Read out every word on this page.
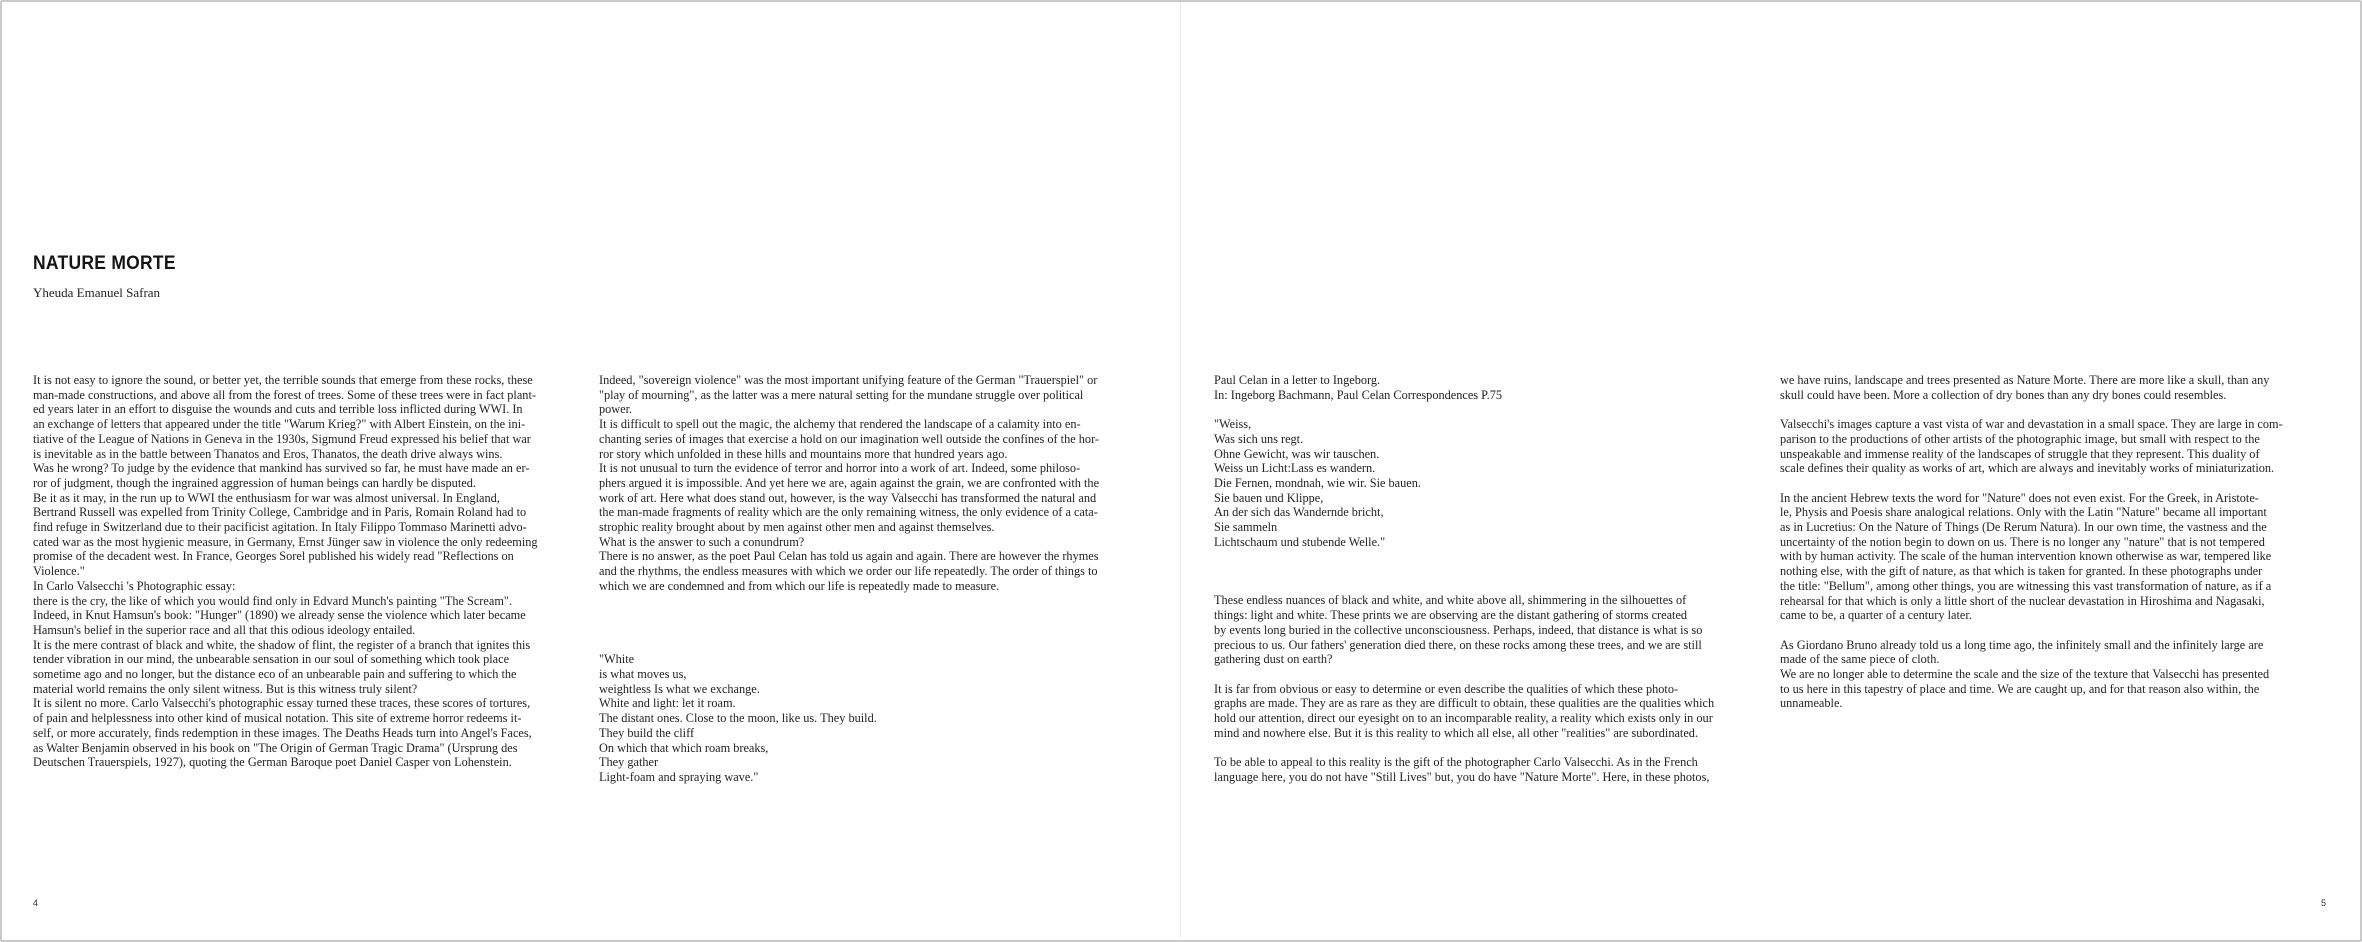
NATURE MORTE
Yheuda Emanuel Safran

It is not easy to ignore the sound, or better yet, the terrible sounds that emerge from these rocks, these

man-made constructions, and above all from the forest of trees. Some of these trees were in fact plant-

ed years later in an effort to disguise the wounds and cuts and terrible loss inflicted during WWI. In

an exchange of letters that appeared under the title "Warum Krieg?" with Albert Einstein, on the ini-

tiative of the League of Nations in Geneva in the 1930s, Sigmund Freud expressed his belief that war

is inevitable as in the battle between Thanatos and Eros, Thanatos, the death drive always wins.

Was he wrong? To judge by the evidence that mankind has survived so far, he must have made an er-

ror of judgment, though the ingrained aggression of human beings can hardly be disputed.

Be it as it may, in the run up to WWI the enthusiasm for war was almost universal. In England,

Bertrand Russell was expelled from Trinity College, Cambridge and in Paris, Romain Roland had to

find refuge in Switzerland due to their pacificist agitation. In Italy Filippo Tommaso Marinetti advo-

cated war as the most hygienic measure, in Germany, Ernst Jünger saw in violence the only redeeming

promise of the decadent west. In France, Georges Sorel published his widely read "Reflections on

Violence."

In Carlo Valsecchi 's Photographic essay:

there is the cry, the like of which you would find only in Edvard Munch's painting "The Scream".

Indeed, in Knut Hamsun's book: "Hunger" (1890) we already sense the violence which later became

Hamsun's belief in the superior race and all that this odious ideology entailed.

It is the mere contrast of black and white, the shadow of flint, the register of a branch that ignites this

tender vibration in our mind, the unbearable sensation in our soul of something which took place

sometime ago and no longer, but the distance eco of an unbearable pain and suffering to which the

material world remains the only silent witness. But is this witness truly silent?

It is silent no more. Carlo Valsecchi's photographic essay turned these traces, these scores of tortures,

of pain and helplessness into other kind of musical notation. This site of extreme horror redeems it-

self, or more accurately, finds redemption in these images. The Deaths Heads turn into Angel's Faces,

as Walter Benjamin observed in his book on "The Origin of German Tragic Drama" (Ursprung des

Deutschen Trauerspiels, 1927), quoting the German Baroque poet Daniel Casper von Lohenstein.

Indeed, "sovereign violence" was the most important unifying feature of the German "Trauerspiel" or

"play of mourning", as the latter was a mere natural setting for the mundane struggle over political

power.

It is difficult to spell out the magic, the alchemy that rendered the landscape of a calamity into en-

chanting series of images that exercise a hold on our imagination well outside the confines of the hor-

ror story which unfolded in these hills and mountains more that hundred years ago.

It is not unusual to turn the evidence of terror and horror into a work of art. Indeed, some philoso-

phers argued it is impossible. And yet here we are, again against the grain, we are confronted with the

work of art. Here what does stand out, however, is the way Valsecchi has transformed the natural and

the man-made fragments of reality which are the only remaining witness, the only evidence of a cata-

strophic reality brought about by men against other men and against themselves.

What is the answer to such a conundrum?

There is no answer, as the poet Paul Celan has told us again and again. There are however the rhymes

and the rhythms, the endless measures with which we order our life repeatedly. The order of things to

which we are condemned and from which our life is repeatedly made to measure.

"White

is what moves us,

weightless Is what we exchange.

White and light: let it roam.

The distant ones. Close to the moon, like us. They build.

They build the cliff

On which that which roam breaks,

They gather

Light-foam and spraying wave."

Paul Celan in a letter to Ingeborg.

In: Ingeborg Bachmann, Paul Celan Correspondences P.75

"Weiss,

Was sich uns regt.

Ohne Gewicht, was wir tauschen.

Weiss un Licht:Lass es wandern.

Die Fernen, mondnah, wie wir. Sie bauen.

Sie bauen und Klippe,

An der sich das Wandernde bricht,

Sie sammeln

Lichtschaum und stubende Welle."

These endless nuances of black and white, and white above all, shimmering in the silhouettes of

things: light and white. These prints we are observing are the distant gathering of storms created

by events long buried in the collective unconsciousness. Perhaps, indeed, that distance is what is so

precious to us. Our fathers' generation died there, on these rocks among these trees, and we are still

gathering dust on earth?

It is far from obvious or easy to determine or even describe the qualities of which these photo-

graphs are made. They are as rare as they are difficult to obtain, these qualities are the qualities which

hold our attention, direct our eyesight on to an incomparable reality, a reality which exists only in our

mind and nowhere else. But it is this reality to which all else, all other "realities" are subordinated.

To be able to appeal to this reality is the gift of the photographer Carlo Valsecchi. As in the French

language here, you do not have "Still Lives" but, you do have "Nature Morte". Here, in these photos,

we have ruins, landscape and trees presented as Nature Morte. There are more like a skull, than any

skull could have been. More a collection of dry bones than any dry bones could resembles.

Valsecchi's images capture a vast vista of war and devastation in a small space. They are large in com-

parison to the productions of other artists of the photographic image, but small with respect to the

unspeakable and immense reality of the landscapes of struggle that they represent. This duality of

scale defines their quality as works of art, which are always and inevitably works of miniaturization.

In the ancient Hebrew texts the word for "Nature" does not even exist. For the Greek, in Aristote-

le, Physis and Poesis share analogical relations. Only with the Latin "Nature" became all important

as in Lucretius: On the Nature of Things (De Rerum Natura). In our own time, the vastness and the

uncertainty of the notion begin to down on us. There is no longer any "nature" that is not tempered

with by human activity. The scale of the human intervention known otherwise as war, tempered like

nothing else, with the gift of nature, as that which is taken for granted. In these photographs under

the title: "Bellum", among other things, you are witnessing this vast transformation of nature, as if a

rehearsal for that which is only a little short of the nuclear devastation in Hiroshima and Nagasaki,

came to be, a quarter of a century later.

As Giordano Bruno already told us a long time ago, the infinitely small and the infinitely large are

made of the same piece of cloth.

We are no longer able to determine the scale and the size of the texture that Valsecchi has presented

to us here in this tapestry of place and time. We are caught up, and for that reason also within, the

unnameable.

4	5
